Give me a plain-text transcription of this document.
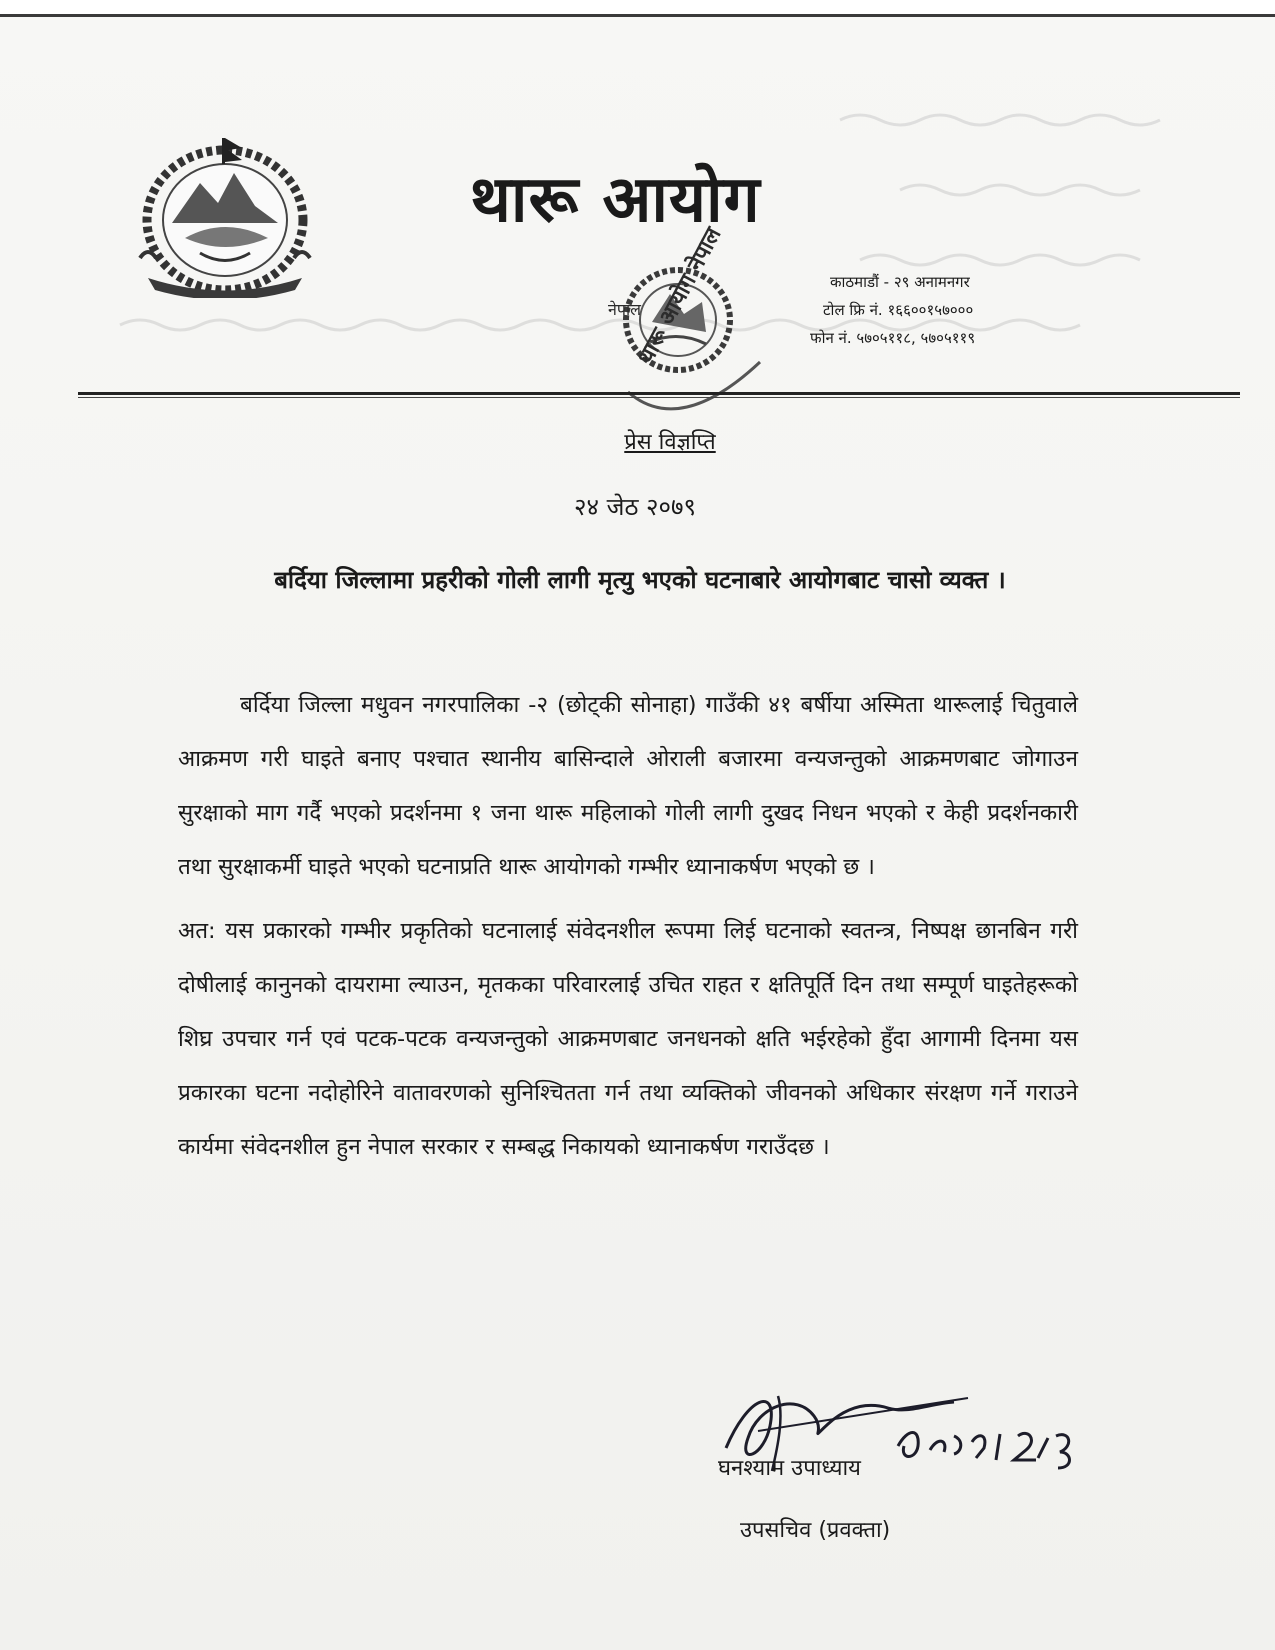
थारू आयोग
नेपाल
थारू आयोग नेपाल	काठमाडौं - २९ अनामनगर
टोल फ्रि नं. १६६००१५७०००
फोन नं. ५७०५११८, ५७०५११९
प्रेस विज्ञप्ति
२४ जेठ २०७९
बर्दिया जिल्लामा प्रहरीको गोली लागी मृत्यु भएको घटनाबारे आयोगबाट चासो व्यक्त ।

बर्दिया जिल्ला मधुवन नगरपालिका -२ (छोट्की सोनाहा) गाउँकी ४१ बर्षीया अस्मिता थारूलाई चितुवाले आक्रमण गरी घाइते बनाए पश्चात स्थानीय बासिन्दाले ओराली बजारमा वन्यजन्तुको आक्रमणबाट जोगाउन सुरक्षाको माग गर्दै भएको प्रदर्शनमा १ जना थारू महिलाको गोली लागी दुखद निधन भएको र केही प्रदर्शनकारी तथा सुरक्षाकर्मी घाइते भएको घटनाप्रति थारू आयोगको गम्भीर ध्यानाकर्षण भएको छ ।

अत: यस प्रकारको गम्भीर प्रकृतिको घटनालाई संवेदनशील रूपमा लिई घटनाको स्वतन्त्र, निष्पक्ष छानबिन गरी दोषीलाई कानुनको दायरामा ल्याउन, मृतकका परिवारलाई उचित राहत र क्षतिपूर्ति दिन तथा सम्पूर्ण घाइतेहरूको शिघ्र उपचार गर्न एवं पटक-पटक वन्यजन्तुको आक्रमणबाट जनधनको क्षति भईरहेको हुँदा आगामी दिनमा यस प्रकारका घटना नदोहोरिने वातावरणको सुनिश्चितता गर्न तथा व्यक्तिको जीवनको अधिकार संरक्षण गर्ने गराउने कार्यमा संवेदनशील हुन नेपाल सरकार र सम्बद्ध निकायको ध्यानाकर्षण गराउँदछ ।

घनश्याम उपाध्याय
उपसचिव (प्रवक्ता)
